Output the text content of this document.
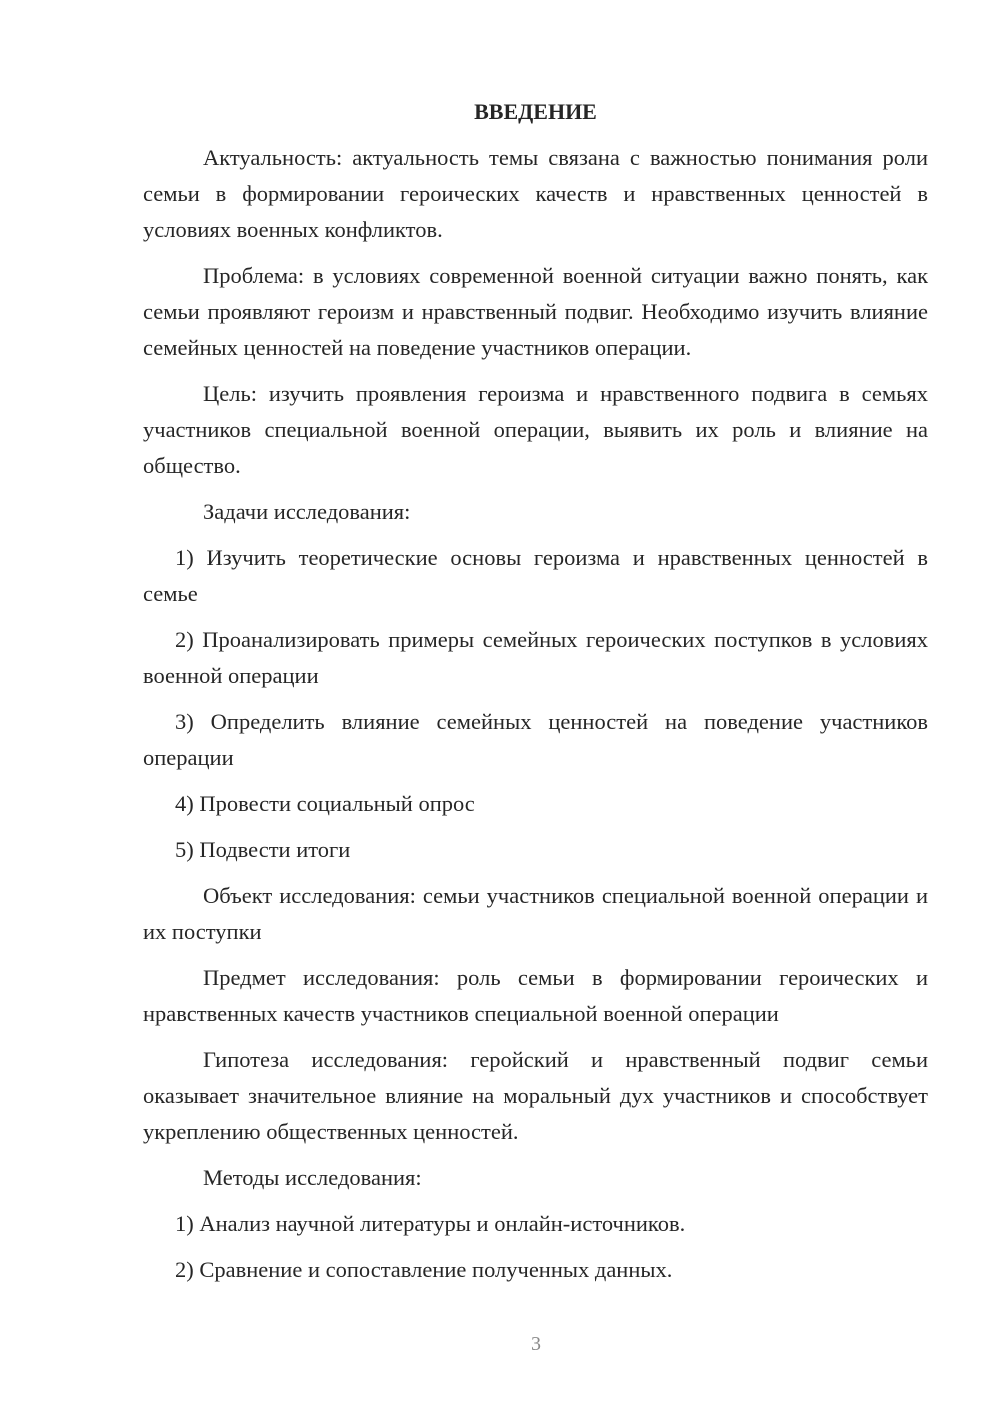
ВВЕДЕНИЕ
Актуальность: актуальность темы связана с важностью понимания роли семьи в формировании героических качеств и нравственных ценностей в условиях военных конфликтов.
Проблема: в условиях современной военной ситуации важно понять, как семьи проявляют героизм и нравственный подвиг. Необходимо изучить влияние семейных ценностей на поведение участников операции.
Цель: изучить проявления героизма и нравственного подвига в семьях участников специальной военной операции, выявить их роль и влияние на общество.
Задачи исследования:
1) Изучить теоретические основы героизма и нравственных ценностей в семье
2) Проанализировать примеры семейных героических поступков в условиях военной операции
3) Определить влияние семейных ценностей на поведение участников операции
4) Провести социальный опрос
5) Подвести итоги
Объект исследования: семьи участников специальной военной операции и их поступки
Предмет исследования: роль семьи в формировании героических и нравственных качеств участников специальной военной операции
Гипотеза исследования: геройский и нравственный подвиг семьи оказывает значительное влияние на моральный дух участников и способствует укреплению общественных ценностей.
Методы исследования:
1) Анализ научной литературы и онлайн-источников.
2) Сравнение и сопоставление полученных данных.
3
